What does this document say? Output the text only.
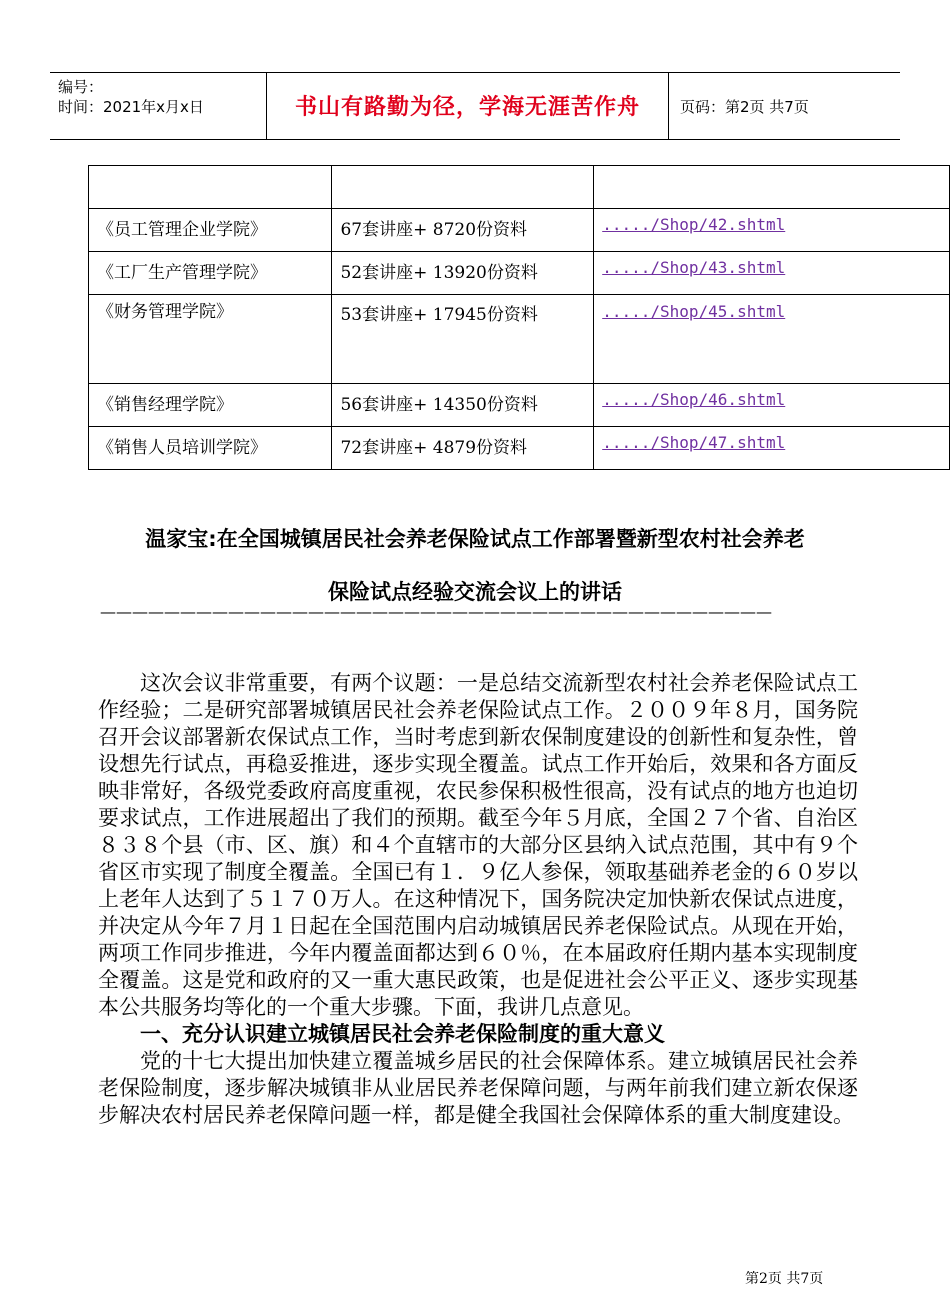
编号：
时间：2021年x月x日	书山有路勤为径，学海无涯苦作舟	页码：第2页 共7页

《员工管理企业学院》	67套讲座+ 8720份资料	...../Shop/42.shtml
《工厂生产管理学院》	52套讲座+ 13920份资料	...../Shop/43.shtml
《财务管理学院》	53套讲座+ 17945份资料	...../Shop/45.shtml
《销售经理学院》	56套讲座+ 14350份资料	...../Shop/46.shtml
《销售人员培训学院》	72套讲座+ 4879份资料	...../Shop/47.shtml
温家宝:在全国城镇居民社会养老保险试点工作部署暨新型农村社会养老
保险试点经验交流会议上的讲话
——————————————————————————————————————————

这次会议非常重要，有两个议题：一是总结交流新型农村社会养老保险试点工作经验；二是研究部署城镇居民社会养老保险试点工作。２００９年８月，国务院召开会议部署新农保试点工作，当时考虑到新农保制度建设的创新性和复杂性，曾设想先行试点，再稳妥推进，逐步实现全覆盖。试点工作开始后，效果和各方面反映非常好，各级党委政府高度重视，农民参保积极性很高，没有试点的地方也迫切要求试点，工作进展超出了我们的预期。截至今年５月底，全国２７个省、自治区８３８个县（市、区、旗）和４个直辖市的大部分区县纳入试点范围，其中有９个省区市实现了制度全覆盖。全国已有１．９亿人参保，领取基础养老金的６０岁以上老年人达到了５１７０万人。在这种情况下，国务院决定加快新农保试点进度，并决定从今年７月１日起在全国范围内启动城镇居民养老保险试点。从现在开始，两项工作同步推进，今年内覆盖面都达到６０％，在本届政府任期内基本实现制度全覆盖。这是党和政府的又一重大惠民政策，也是促进社会公平正义、逐步实现基本公共服务均等化的一个重大步骤。下面，我讲几点意见。

一、充分认识建立城镇居民社会养老保险制度的重大意义

党的十七大提出加快建立覆盖城乡居民的社会保障体系。建立城镇居民社会养老保险制度，逐步解决城镇非从业居民养老保障问题，与两年前我们建立新农保逐步解决农村居民养老保障问题一样，都是健全我国社会保障体系的重大制度建设。

第2页 共7页
